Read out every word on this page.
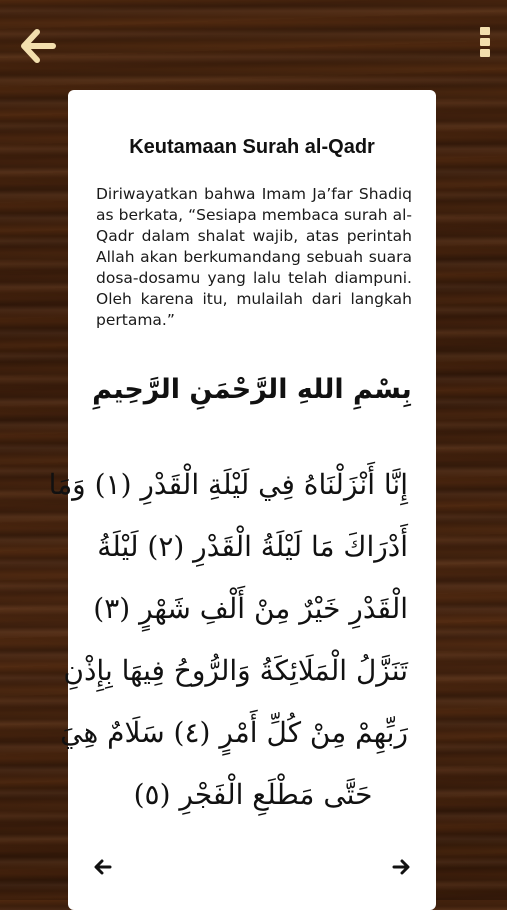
Keutamaan Surah al-Qadr

Diriwayatkan bahwa Imam Ja’far Shadiq as berkata, “Sesiapa membaca surah al-Qadr dalam shalat wajib, atas perintah Allah akan berkumandang sebuah suara dosa-dosamu yang lalu telah diampuni. Oleh karena itu, mulailah dari langkah pertama.”

بِسْمِ اللهِ الرَّحْمَنِ الرَّحِيمِ
إِنَّا أَنْزَلْنَاهُ فِي لَيْلَةِ الْقَدْرِ (١) وَمَا
أَدْرَاكَ مَا لَيْلَةُ الْقَدْرِ (٢) لَيْلَةُ
الْقَدْرِ خَيْرٌ مِنْ أَلْفِ شَهْرٍ (٣)
تَنَزَّلُ الْمَلَائِكَةُ وَالرُّوحُ فِيهَا بِإِذْنِ
رَبِّهِمْ مِنْ كُلِّ أَمْرٍ (٤) سَلَامٌ هِيَ
حَتَّى مَطْلَعِ الْفَجْرِ (٥)
